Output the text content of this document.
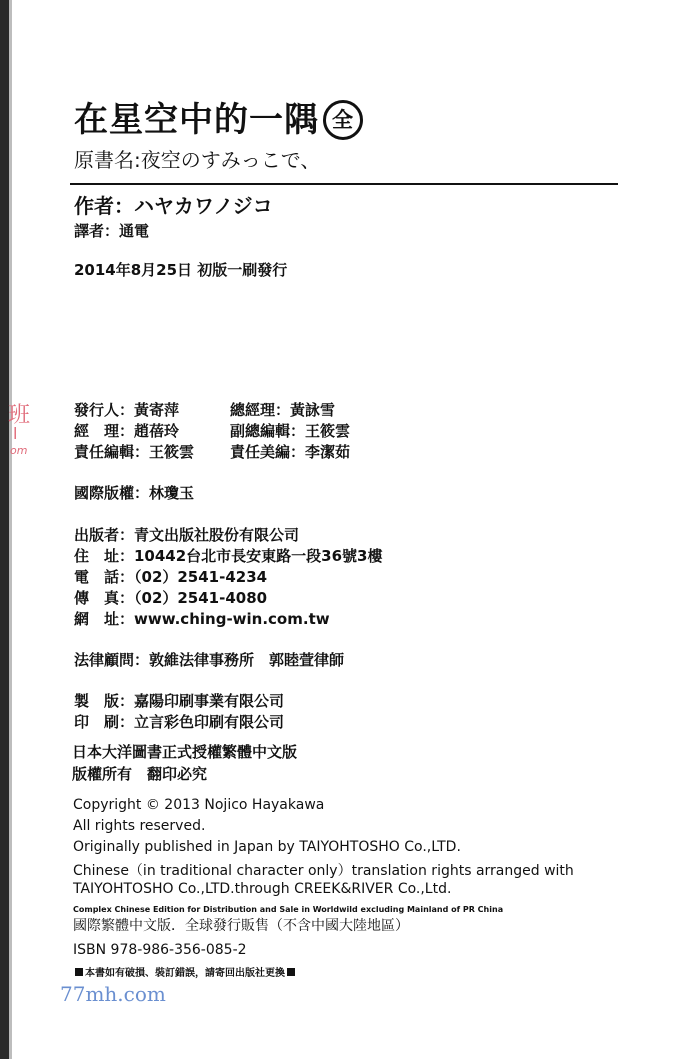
在星空中的一隅 全
原書名:夜空のすみっこで、
作者：ハヤカワノジコ
譯者：通電
2014年8月25日 初版一刷發行
班
l
om
發行人：黃寄萍	總經理：黃詠雪
經　理：趙蓓玲	副總編輯：王筱雲
責任編輯：王筱雲 責任美編：李潔茹
國際版權：林瓊玉
出版者：青文出版社股份有限公司
住　址：10442台北市長安東路一段36號3樓
電　話：（02）2541-4234
傳　真：（02）2541-4080
網　址：www.ching-win.com.tw
法律顧問：敦維法律事務所　郭睦萱律師
製　版：嘉陽印刷事業有限公司
印　刷：立言彩色印刷有限公司
日本大洋圖書正式授權繁體中文版
版權所有　翻印必究
Copyright © 2013 Nojico Hayakawa
All rights reserved.
Originally published in Japan by TAIYOHTOSHO Co.,LTD.
Chinese（in traditional character only）translation rights arranged with
TAIYOHTOSHO Co.,LTD.through CREEK&RIVER Co.,Ltd.
Complex Chinese Edition for Distribution and Sale in Worldwild excluding Mainland of PR China
國際繁體中文版．全球發行販售（不含中國大陸地區）
ISBN 978-986-356-085-2
本書如有破損、裝訂錯誤，請寄回出版社更換
77mh.com
